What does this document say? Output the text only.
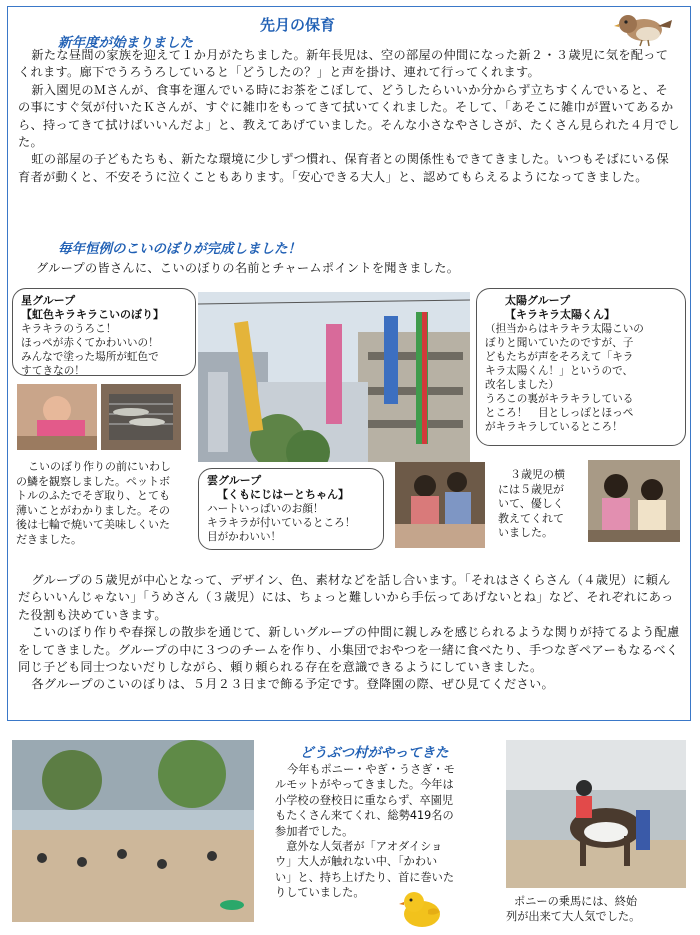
先月の保育
新年度が始まりました

新たな昼間の家族を迎えて１か月がたちました。新年長児は、空の部屋の仲間になった新２・３歳児に気を配ってくれます。廊下でうろうろしていると「どうしたの？」と声を掛け、連れて行ってくれます。

新入園児のＭさんが、食事を運んでいる時にお茶をこぼして、どうしたらいいか分からず立ちすくんでいると、その事にすぐ気が付いたＫさんが、すぐに雑巾をもってきて拭いてくれました。そして、「あそこに雑巾が置いてあるから、持ってきて拭けばいいんだよ」と、教えてあげていました。そんな小さなやさしさが、たくさん見られた４月でした。

虹の部屋の子どもたちも、新たな環境に少しずつ慣れ、保育者との関係性もできてきました。いつもそばにいる保育者が動くと、不安そうに泣くこともあります。「安心できる大人」と、認めてもらえるようになってきました。

毎年恒例のこいのぼりが完成しました！
グループの皆さんに、こいのぼりの名前とチャームポイントを聞きました。
星グループ
【虹色キラキラこいのぼり】
キラキラのうろこ！
ほっぺが赤くてかわいいの！
みんなで塗った場所が虹色で
すてきなの！
太陽グループ
【キラキラ太陽くん】
（担当からはキラキラ太陽こいの
ぼりと聞いていたのですが、子
どもたちが声をそろえて「キラ
キラ太陽くん！」というので、
改名しました）
うろこの裏がキラキラしている
ところ！　目としっぽとほっぺ
がキラキラしているところ！
こいのぼり作りの前にいわし
の鱗を観察しました。ペットボ
トルのふたでそぎ取り、とても
薄いことがわかりました。その
後は七輪で焼いて美味しくいた
だきました。
雲グループ
【くもにじはーとちゃん】
ハートいっぱいのお顔！
キラキラが付いているところ！
目がかわいい！
３歳児の横
には５歳児が
いて、優しく
教えてくれて
いました。

グループの５歳児が中心となって、デザイン、色、素材などを話し合います。「それはさくらさん（４歳児）に頼んだらいいんじゃない」「うめさん（３歳児）には、ちょっと難しいから手伝ってあげないとね」など、それぞれにあった役割も決めていきます。

こいのぼり作りや春探しの散歩を通じて、新しいグループの仲間に親しみを感じられるような関りが持てるよう配慮をしてきました。グループの中に３つのチームを作り、小集団でおやつを一緒に食べたり、手つなぎペアーもなるべく同じ子ども同士つないだりしながら、頼り頼られる存在を意識できるようにしていきました。

各グループのこいのぼりは、５月２３日まで飾る予定です。登降園の際、ぜひ見てください。

どうぶつ村がやってきた
今年もポニー・やぎ・うさぎ・モ
ルモットがやってきました。今年は
小学校の登校日に重ならず、卒園児
もたくさん来てくれ、総勢419名の
参加者でした。
　意外な人気者が「アオダイショ
ウ」大人が触れない中、「かわい
い」と、持ち上げたり、首に巻いた
りしていました。
ポニーの乗馬には、終始
列が出来て大人気でした。
